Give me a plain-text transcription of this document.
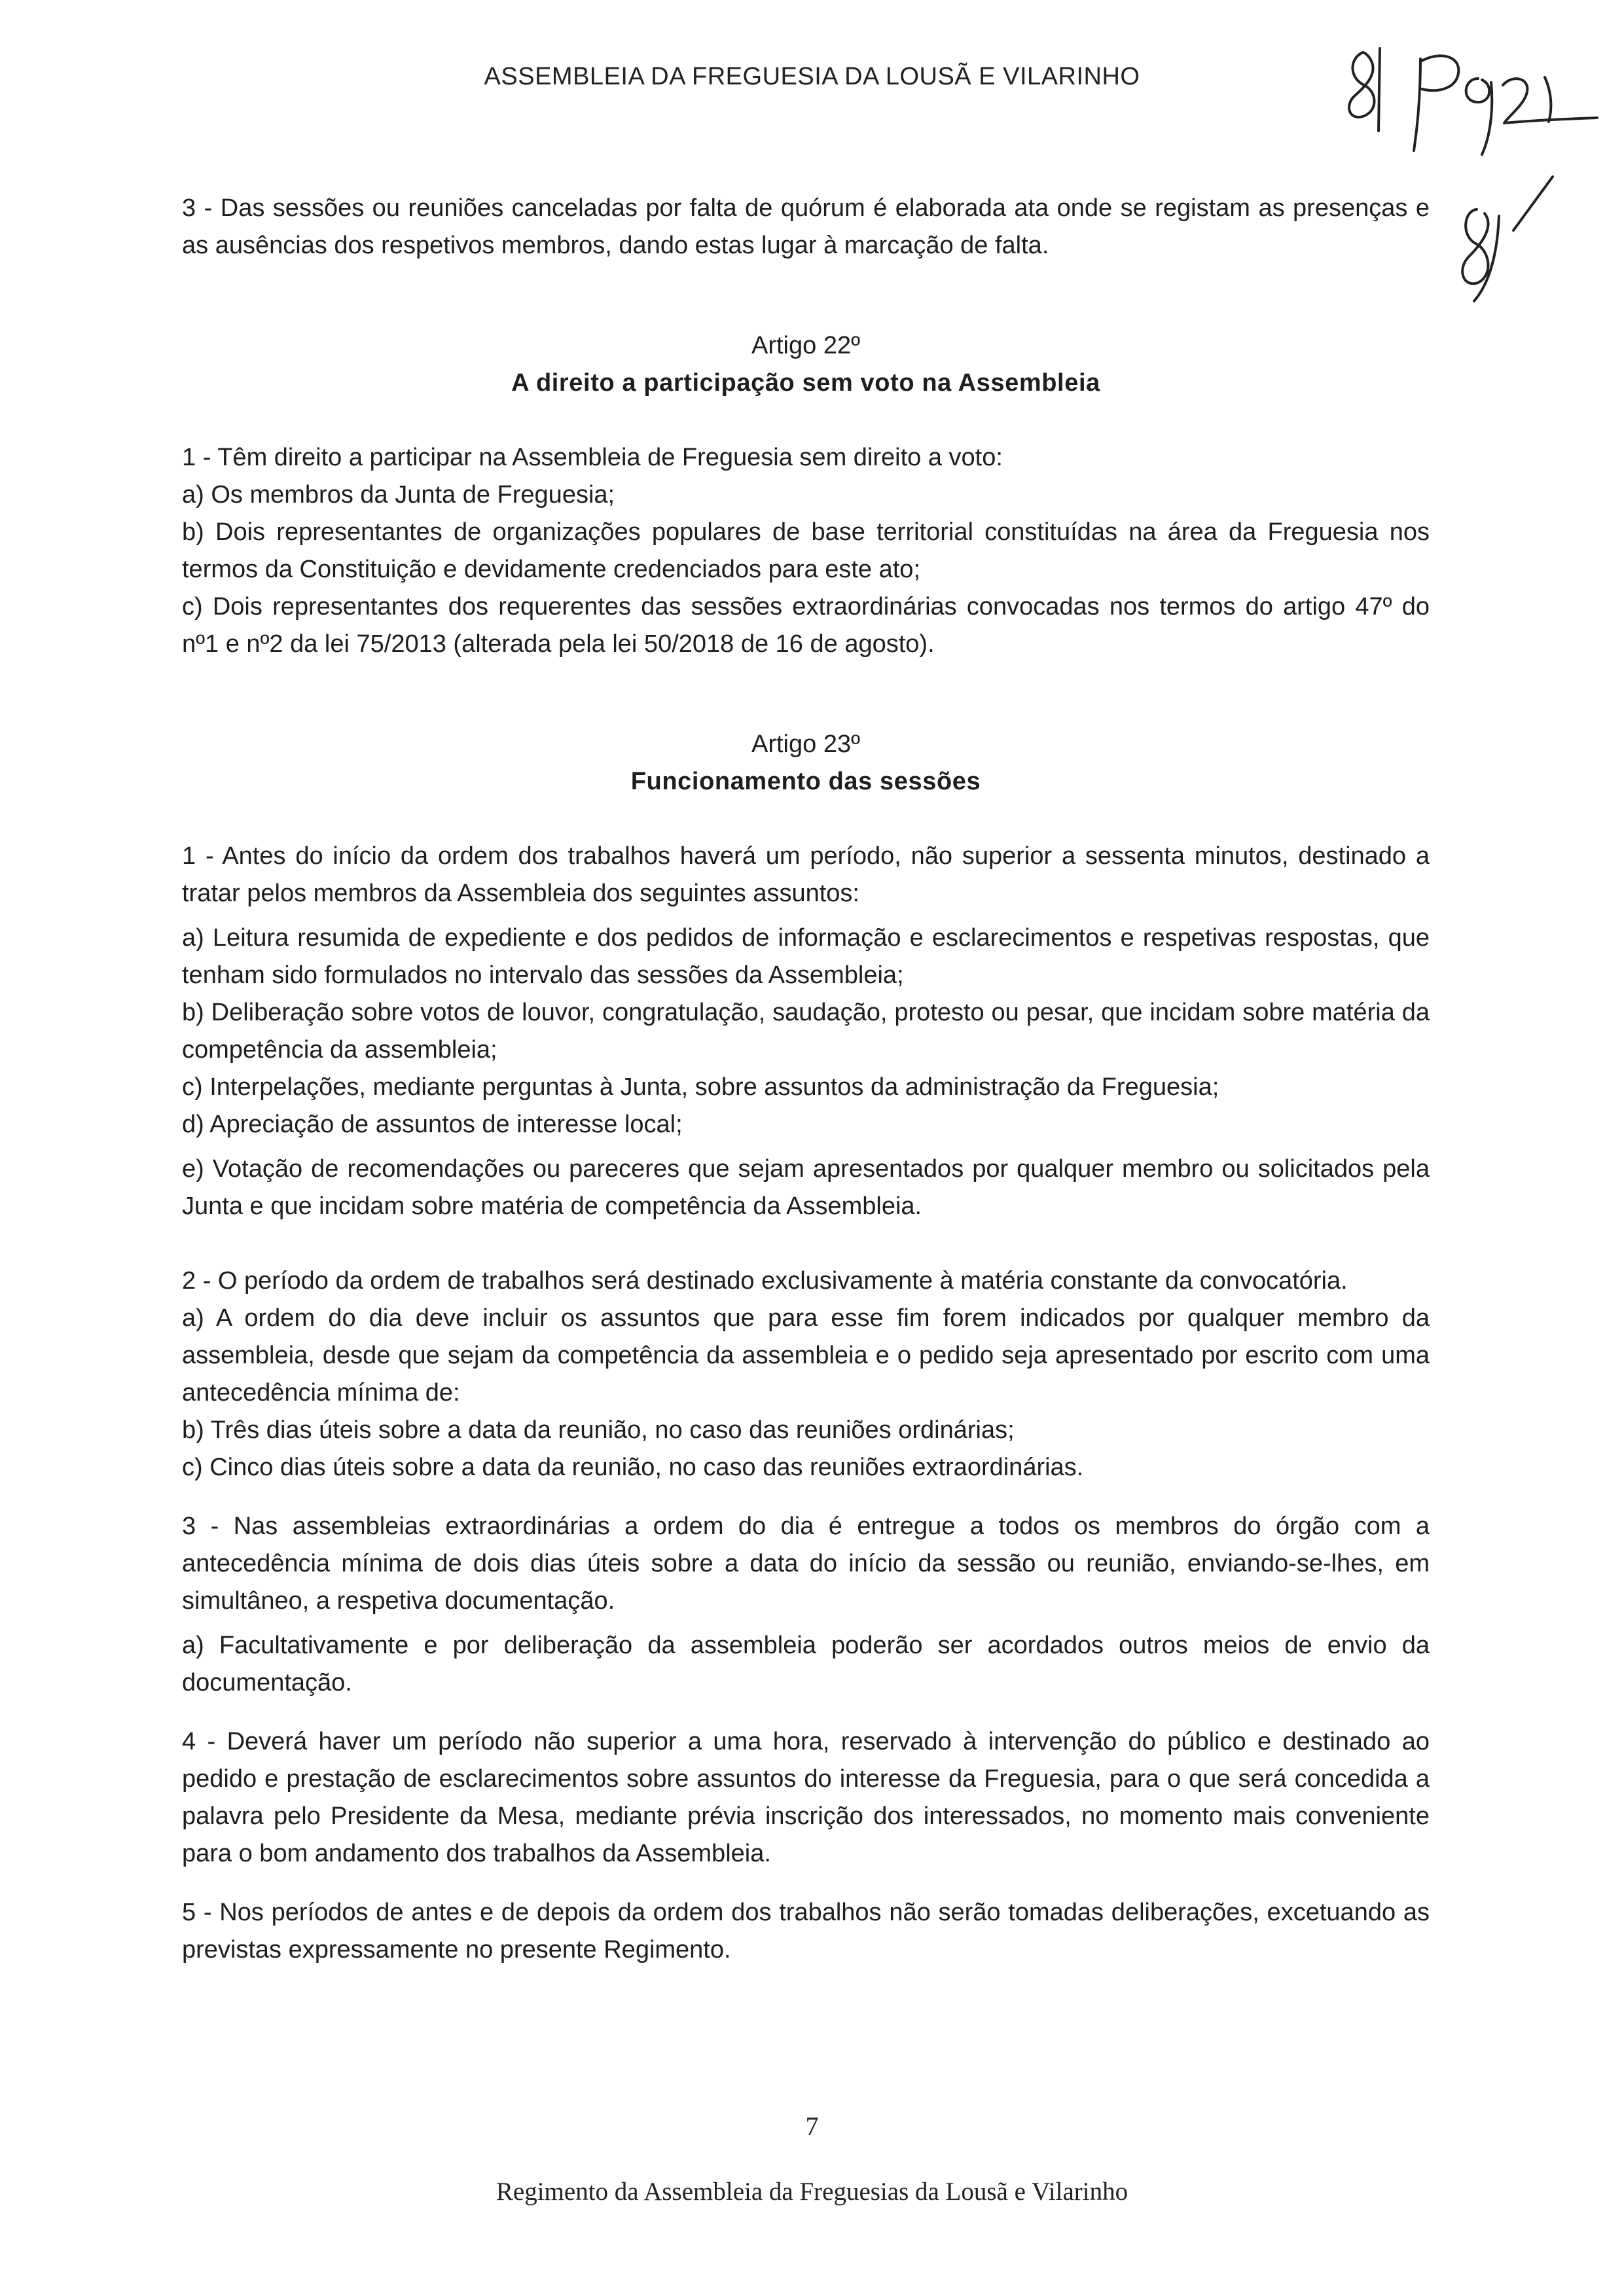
ASSEMBLEIA DA FREGUESIA DA LOUSÃ E VILARINHO

3 - Das sessões ou reuniões canceladas por falta de quórum é elaborada ata onde se registam as presenças e as ausências dos respetivos membros, dando estas lugar à marcação de falta.

Artigo 22º
A direito a participação sem voto na Assembleia

1 - Têm direito a participar na Assembleia de Freguesia sem direito a voto:

a) Os membros da Junta de Freguesia;

b) Dois representantes de organizações populares de base territorial constituídas na área da Freguesia nos termos da Constituição e devidamente credenciados para este ato;

c) Dois representantes dos requerentes das sessões extraordinárias convocadas nos termos do artigo 47º do nº1 e nº2 da lei 75/2013 (alterada pela lei 50/2018 de 16 de agosto).

Artigo 23º
Funcionamento das sessões

1 - Antes do início da ordem dos trabalhos haverá um período, não superior a sessenta minutos, destinado a tratar pelos membros da Assembleia dos seguintes assuntos:

a) Leitura resumida de expediente e dos pedidos de informação e esclarecimentos e respetivas respostas, que tenham sido formulados no intervalo das sessões da Assembleia;

b) Deliberação sobre votos de louvor, congratulação, saudação, protesto ou pesar, que incidam sobre matéria da competência da assembleia;

c) Interpelações, mediante perguntas à Junta, sobre assuntos da administração da Freguesia;

d) Apreciação de assuntos de interesse local;

e) Votação de recomendações ou pareceres que sejam apresentados por qualquer membro ou solicitados pela Junta e que incidam sobre matéria de competência da Assembleia.

2 - O período da ordem de trabalhos será destinado exclusivamente à matéria constante da convocatória.

a) A ordem do dia deve incluir os assuntos que para esse fim forem indicados por qualquer membro da assembleia, desde que sejam da competência da assembleia e o pedido seja apresentado por escrito com uma antecedência mínima de:

b) Três dias úteis sobre a data da reunião, no caso das reuniões ordinárias;

c) Cinco dias úteis sobre a data da reunião, no caso das reuniões extraordinárias.

3 - Nas assembleias extraordinárias a ordem do dia é entregue a todos os membros do órgão com a antecedência mínima de dois dias úteis sobre a data do início da sessão ou reunião, enviando-se-lhes, em simultâneo, a respetiva documentação.

a) Facultativamente e por deliberação da assembleia poderão ser acordados outros meios de envio da documentação.

4 - Deverá haver um período não superior a uma hora, reservado à intervenção do público e destinado ao pedido e prestação de esclarecimentos sobre assuntos do interesse da Freguesia, para o que será concedida a palavra pelo Presidente da Mesa, mediante prévia inscrição dos interessados, no momento mais conveniente para o bom andamento dos trabalhos da Assembleia.

5 - Nos períodos de antes e de depois da ordem dos trabalhos não serão tomadas deliberações, excetuando as previstas expressamente no presente Regimento.

7
Regimento da Assembleia da Freguesias da Lousã e Vilarinho
